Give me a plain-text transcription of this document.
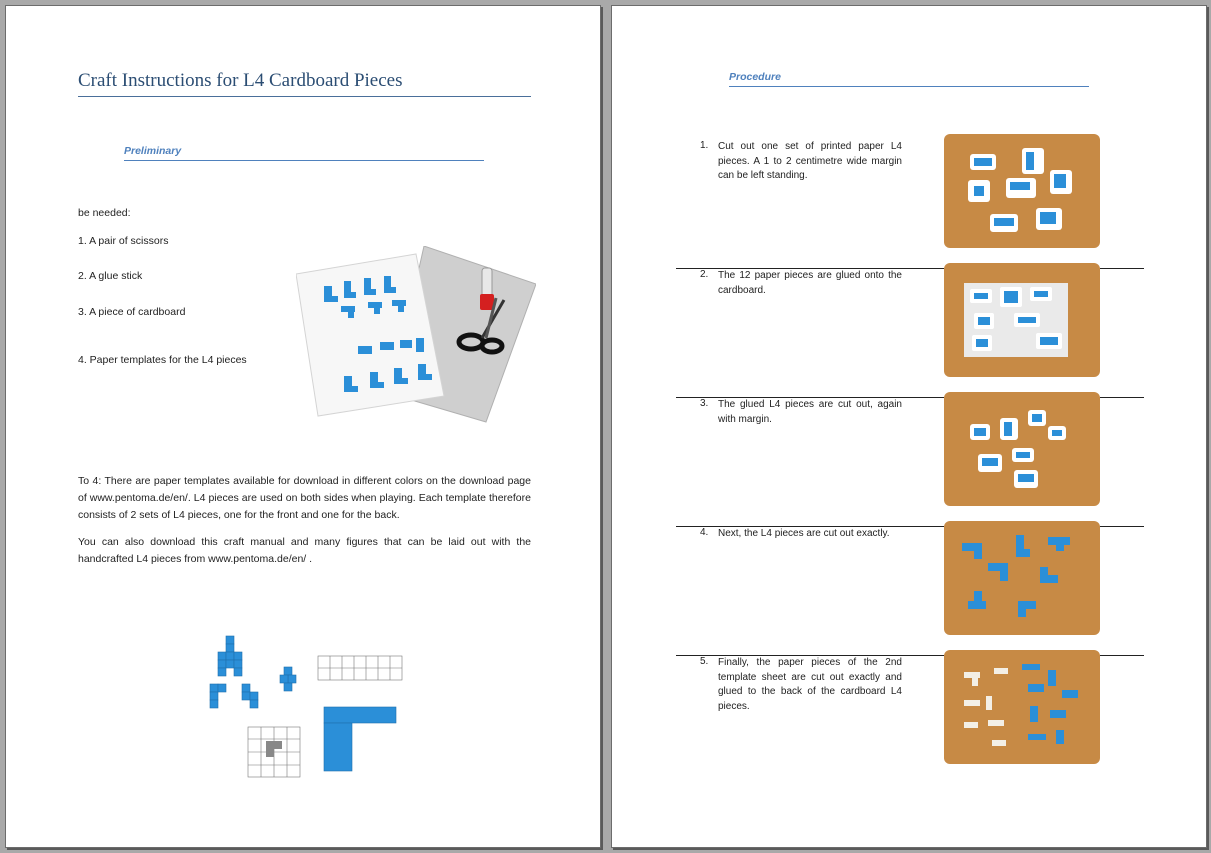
Craft Instructions for L4 Cardboard Pieces
Preliminary
be needed:
1. A pair of scissors
2. A glue stick
3. A piece of cardboard
4. Paper templates for the L4 pieces
To 4: There are paper templates available for download in different colors on the download page of www.pentoma.de/en/. L4 pieces are used on both sides when playing. Each template therefore consists of 2 sets of L4 pieces, one for the front and one for the back.
You can also download this craft manual and many figures that can be laid out with the handcrafted L4 pieces from www.pentoma.de/en/ .
Procedure
1. Cut out one set of printed paper L4 pieces. A 1 to 2 centimetre wide margin can be left standing.
2. The 12 paper pieces are glued onto the cardboard.
3. The glued L4 pieces are cut out, again with margin.
4. Next, the L4 pieces are cut out exactly.
5. Finally, the paper pieces of the 2nd template sheet are cut out exactly and glued to the back of the cardboard L4 pieces.
